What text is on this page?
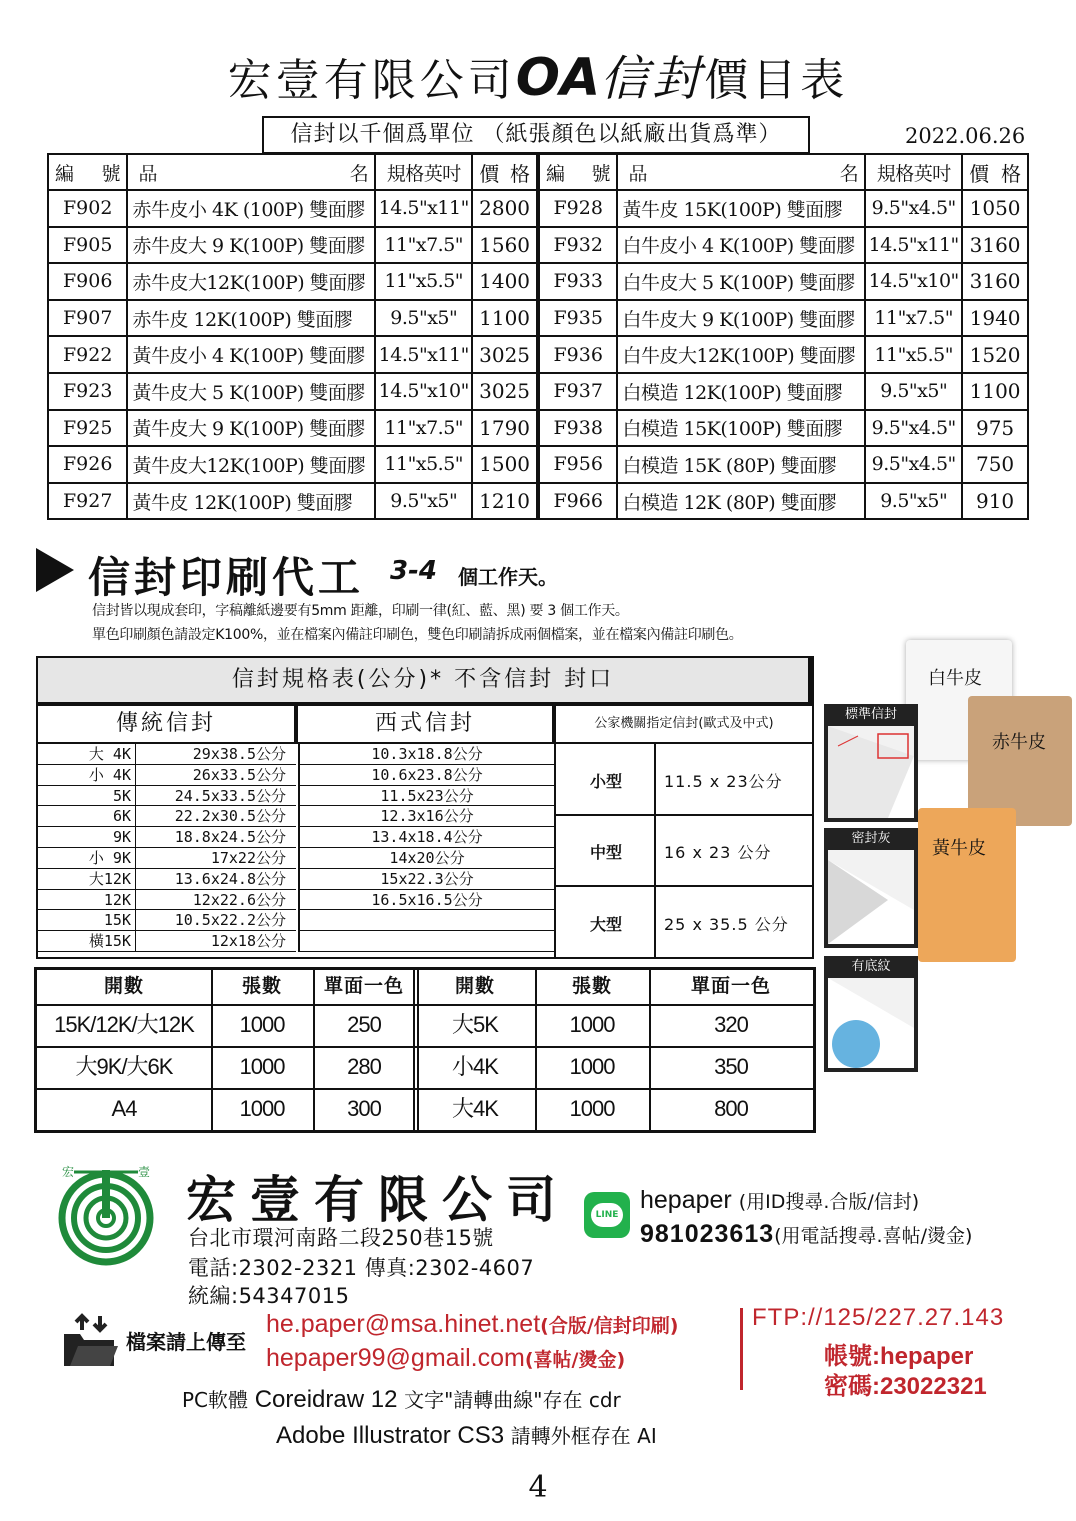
宏壹有限公司OA信封價目表
信封以千個爲單位 （紙張顏色以紙廠出貨爲準）	2022.06.26
編 號	品 名	規格英吋	價 格	編 號	品 名	規格英吋	價 格

F902	赤牛皮小 4K (100P) 雙面膠	14.5"x11"	2800	F928	黃牛皮 15K(100P) 雙面膠	9.5"x4.5"	1050
F905	赤牛皮大 9 K(100P) 雙面膠	11"x7.5"	1560	F932	白牛皮小 4 K(100P) 雙面膠	14.5"x11"	3160
F906	赤牛皮大12K(100P) 雙面膠	11"x5.5"	1400	F933	白牛皮大 5 K(100P) 雙面膠	14.5"x10"	3160
F907	赤牛皮 12K(100P) 雙面膠	9.5"x5"	1100	F935	白牛皮大 9 K(100P) 雙面膠	11"x7.5"	1940
F922	黃牛皮小 4 K(100P) 雙面膠	14.5"x11"	3025	F936	白牛皮大12K(100P) 雙面膠	11"x5.5"	1520
F923	黃牛皮大 5 K(100P) 雙面膠	14.5"x10"	3025	F937	白模造 12K(100P) 雙面膠	9.5"x5"	1100
F925	黃牛皮大 9 K(100P) 雙面膠	11"x7.5"	1790	F938	白模造 15K(100P) 雙面膠	9.5"x4.5"	975
F926	黃牛皮大12K(100P) 雙面膠	11"x5.5"	1500	F956	白模造 15K (80P) 雙面膠	9.5"x4.5"	750
F927	黃牛皮 12K(100P) 雙面膠	9.5"x5"	1210	F966	白模造 12K (80P) 雙面膠	9.5"x5"	910
信封印刷代工 3-4 個工作天。
信封皆以現成套印，字稿離紙邊要有5mm 距離，印刷一律(紅、藍、黑) 要 3 個工作天。
單色印刷顏色請設定K100%，並在檔案內備註印刷色，雙色印刷請拆成兩個檔案，並在檔案內備註印刷色。
信封規格表(公分)* 不含信封 封口
傳統信封	西式信封	公家機關指定信封(歐式及中式)
大 4K	29x38.5公分	10.3x18.8公分
小 4K	26x33.5公分	10.6x23.8公分
5K	24.5x33.5公分	11.5x23公分
6K	22.2x30.5公分	12.3x16公分
9K	18.8x24.5公分	13.4x18.4公分
小 9K	17x22公分	14x20公分
大12K	13.6x24.8公分	15x22.3公分
12K	12x22.6公分	16.5x16.5公分
15K	10.5x22.2公分
橫15K	12x18公分
小型	11.5 x 23公分
中型	16 x 23 公分
大型	25 x 35.5 公分
開數	張數	單面一色	開數	張數	單面一色
15K/12K/大12K	1000	250	大5K	1000	320
大9K/大6K	1000	280	小4K	1000	350
A4	1000	300	大4K	1000	800
白牛皮
赤牛皮
黃牛皮
標準信封
密封灰
有底紋
宏	壹 宏壹有限公司
台北市環河南路二段250巷15號
電話:2302-2321 傳真:2302-4607
統編:54347015
LINE
hepaper (用ID搜尋.合版/信封)
981023613(用電話搜尋.喜帖/燙金)
檔案請上傳至
he.paper@msa.hinet.net(合版/信封印刷)
hepaper99@gmail.com(喜帖/燙金)
FTP://125/227.27.143
帳號:hepaper
密碼:23022321
PC軟體 Coreidraw 12 文字"請轉曲線"存在 cdr
Adobe Illustrator CS3 請轉外框存在 AI
4
